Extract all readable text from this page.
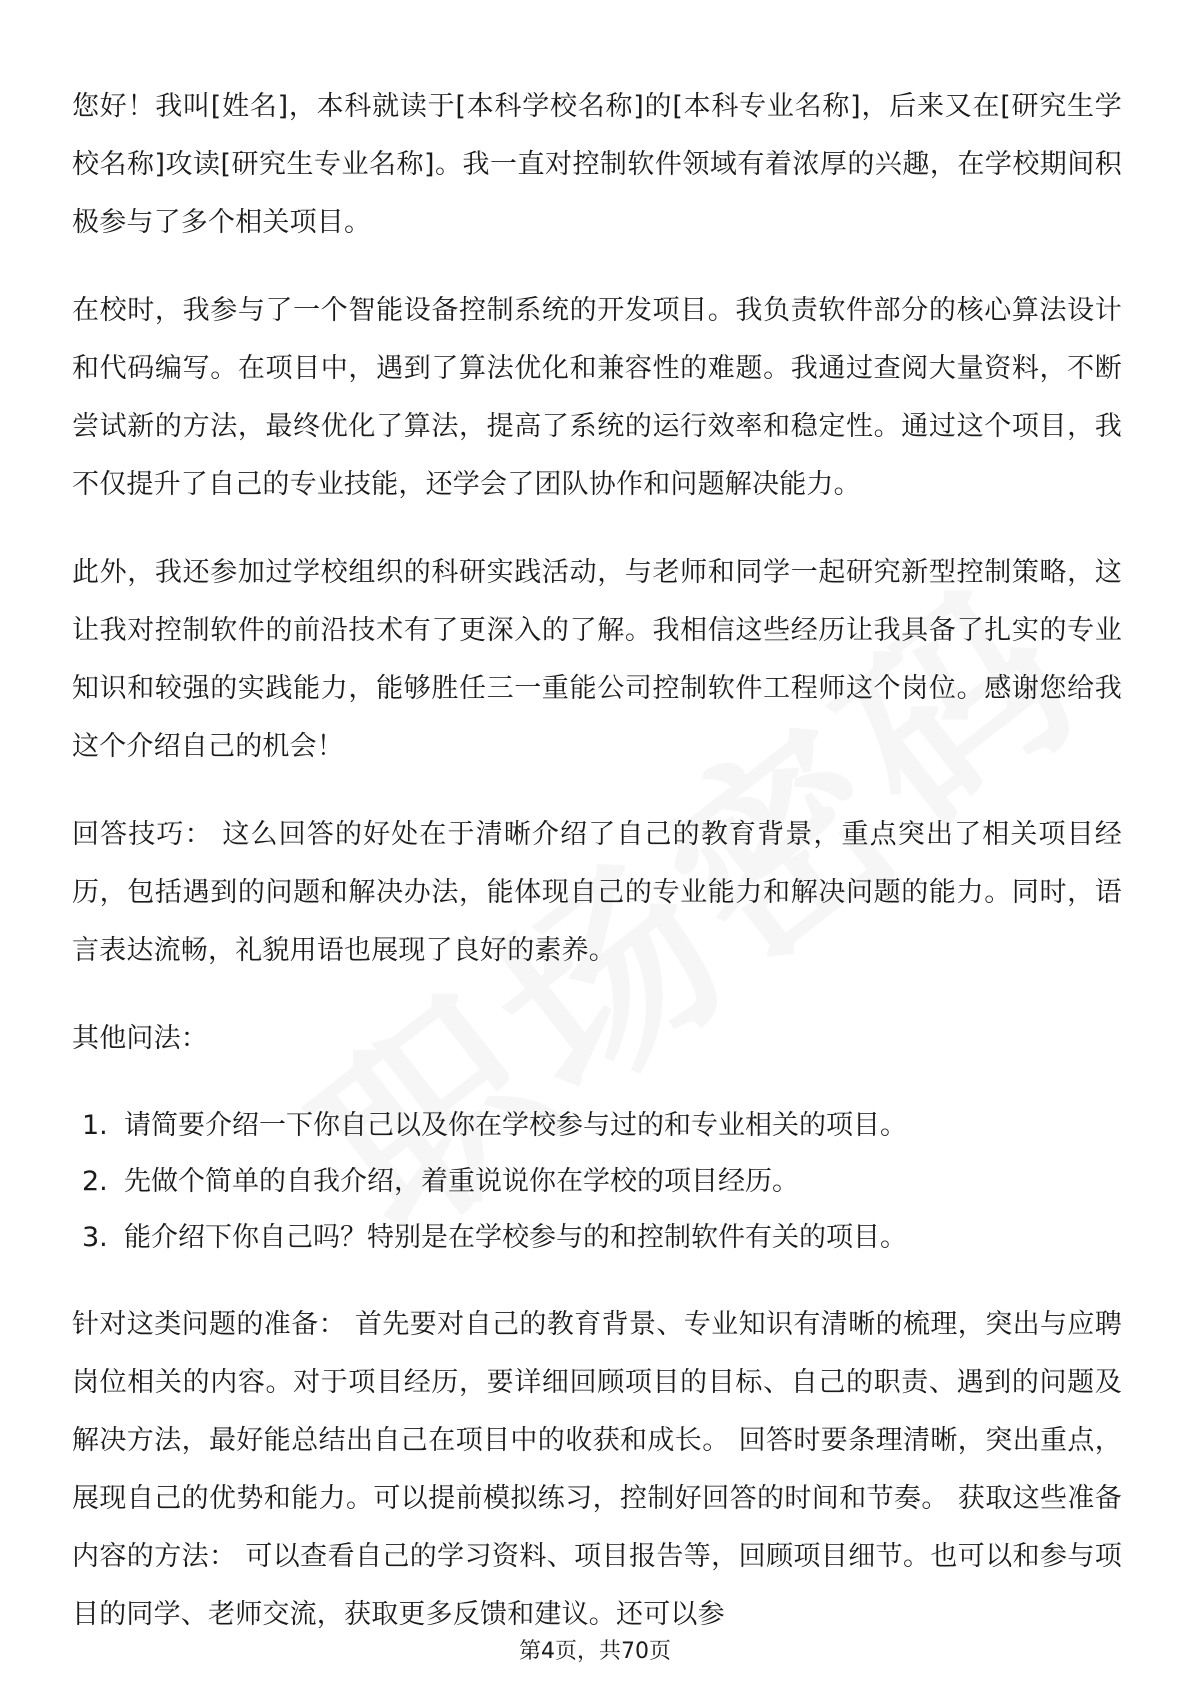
您好！我叫[姓名]，本科就读于[本科学校名称]的[本科专业名称]，后来又在[研究生学校名称]攻读[研究生专业名称]。我一直对控制软件领域有着浓厚的兴趣，在学校期间积极参与了多个相关项目。

在校时，我参与了一个智能设备控制系统的开发项目。我负责软件部分的核心算法设计和代码编写。在项目中，遇到了算法优化和兼容性的难题。我通过查阅大量资料，不断尝试新的方法，最终优化了算法，提高了系统的运行效率和稳定性。通过这个项目，我不仅提升了自己的专业技能，还学会了团队协作和问题解决能力。

此外，我还参加过学校组织的科研实践活动，与老师和同学一起研究新型控制策略，这让我对控制软件的前沿技术有了更深入的了解。我相信这些经历让我具备了扎实的专业知识和较强的实践能力，能够胜任三一重能公司控制软件工程师这个岗位。感谢您给我这个介绍自己的机会！

回答技巧： 这么回答的好处在于清晰介绍了自己的教育背景，重点突出了相关项目经历，包括遇到的问题和解决办法，能体现自己的专业能力和解决问题的能力。同时，语言表达流畅，礼貌用语也展现了良好的素养。

其他问法：

1. 请简要介绍一下你自己以及你在学校参与过的和专业相关的项目。
2. 先做个简单的自我介绍，着重说说你在学校的项目经历。
3. 能介绍下你自己吗？特别是在学校参与的和控制软件有关的项目。

针对这类问题的准备： 首先要对自己的教育背景、专业知识有清晰的梳理，突出与应聘岗位相关的内容。对于项目经历，要详细回顾项目的目标、自己的职责、遇到的问题及解决方法，最好能总结出自己在项目中的收获和成长。 回答时要条理清晰，突出重点，展现自己的优势和能力。可以提前模拟练习，控制好回答的时间和节奏。 获取这些准备内容的方法： 可以查看自己的学习资料、项目报告等，回顾项目细节。也可以和参与项目的同学、老师交流，获取更多反馈和建议。还可以参

第4页，共70页
